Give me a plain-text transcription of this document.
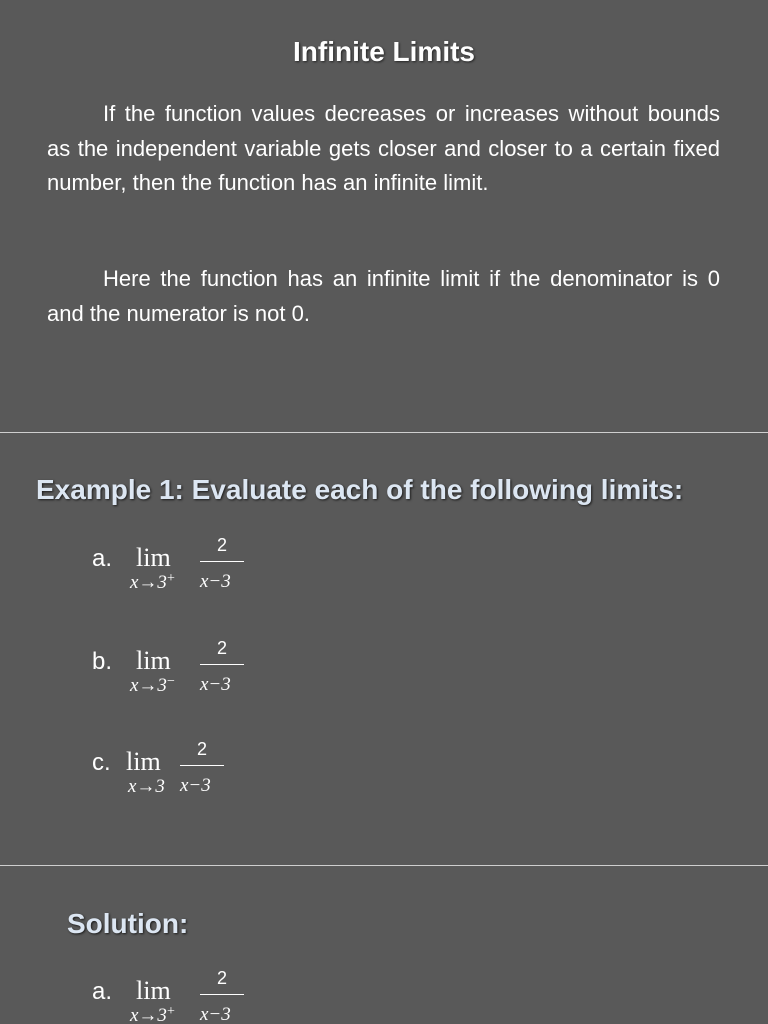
Infinite Limits
If the function values decreases or increases without bounds as the independent variable gets closer and closer to a certain fixed number, then the function has an infinite limit.
Here the function has an infinite limit if the denominator is 0 and the numerator is not 0.
Example 1: Evaluate each of the following limits:
a. lim
x→3+
2
x−3
b. lim
x→3−
2
x−3
c. lim
x→3
2
x−3
Solution:
a. lim
x→3+
2
x−3
